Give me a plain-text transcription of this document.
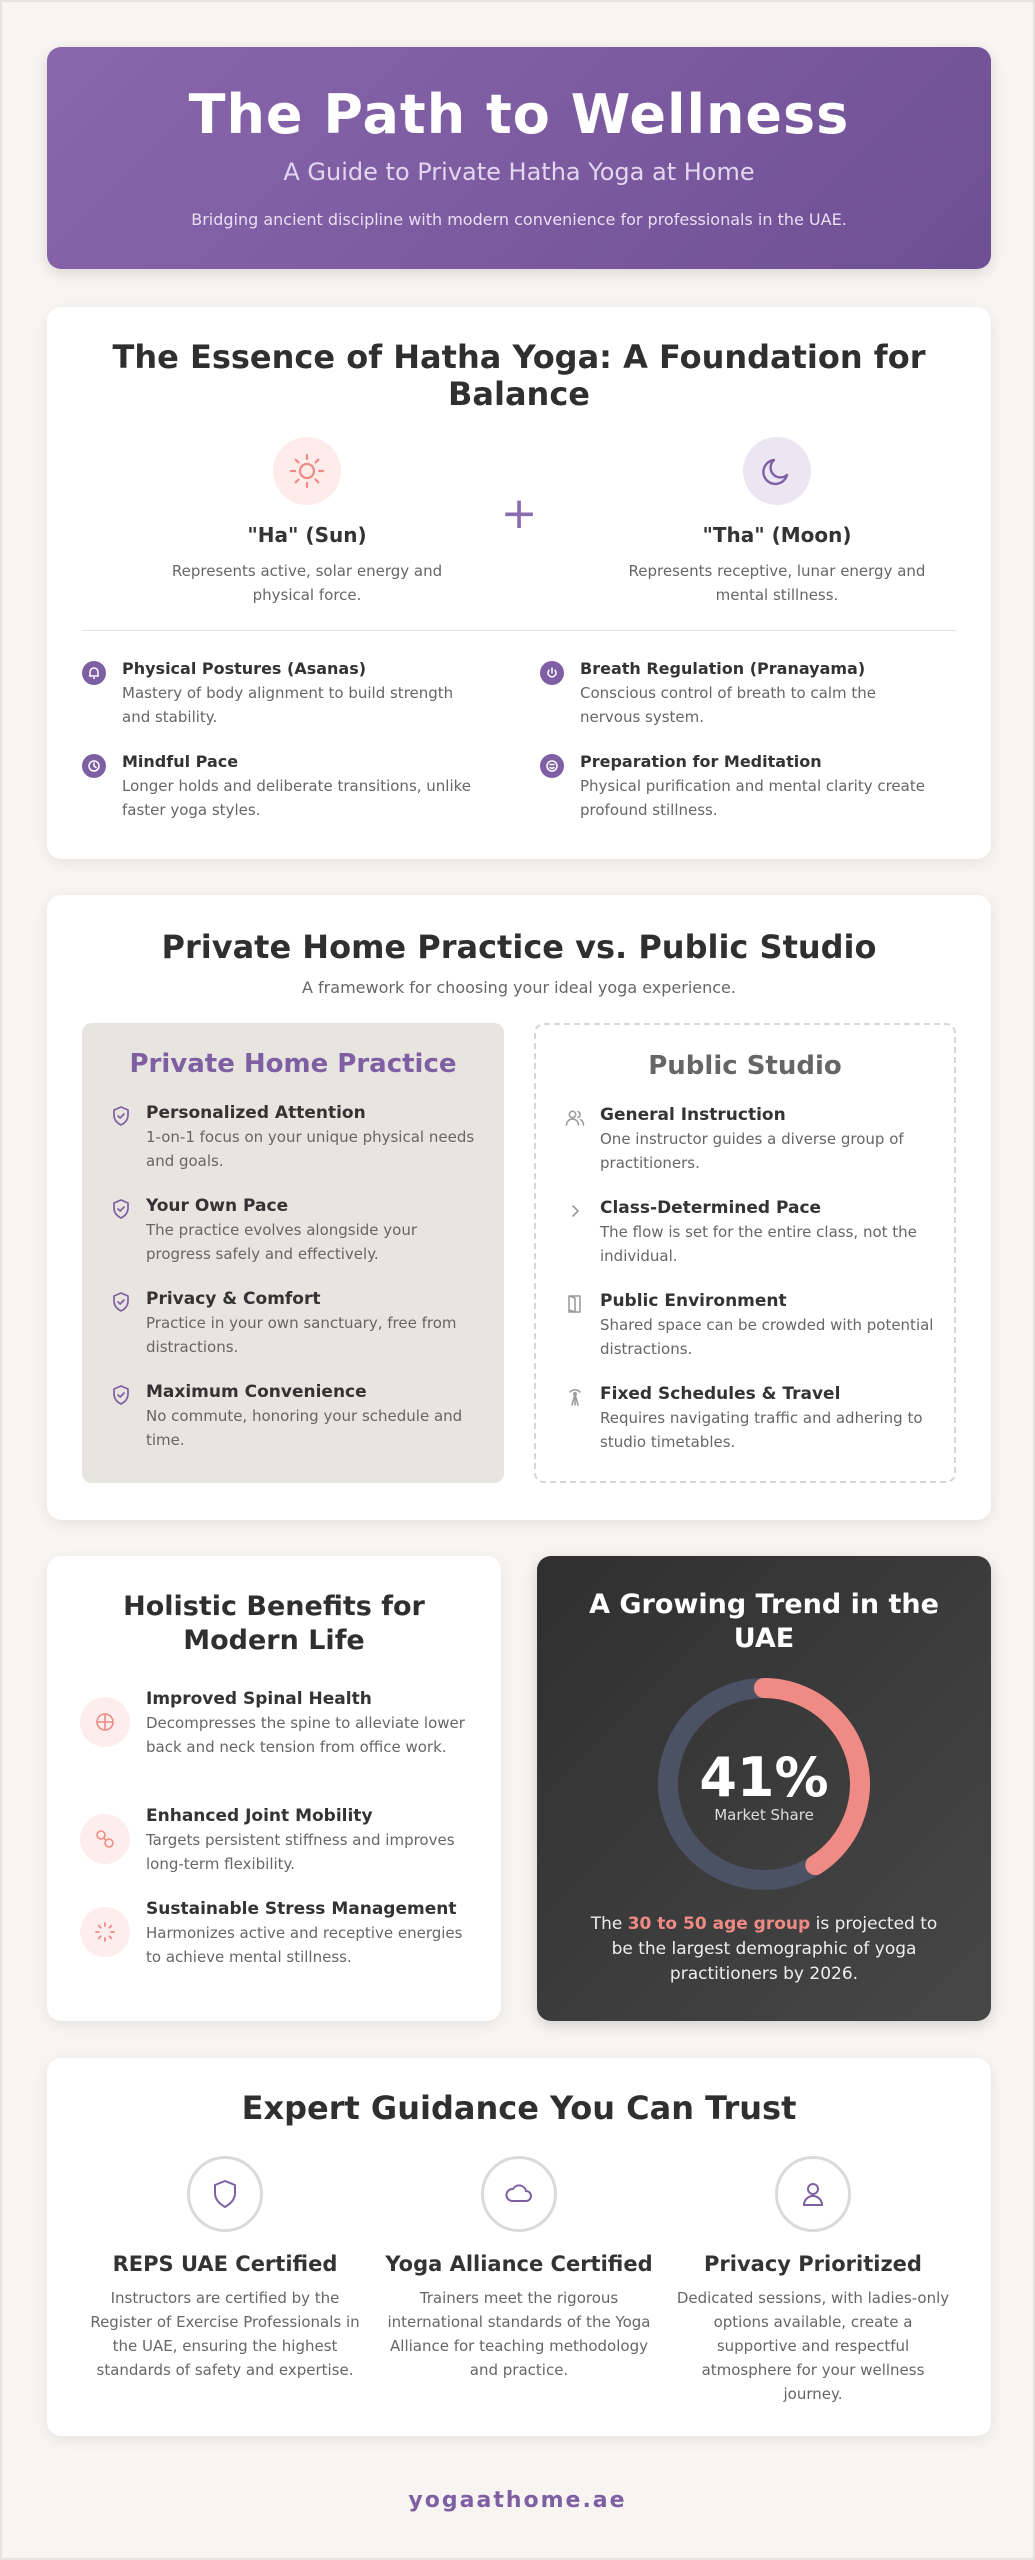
The Path to Wellness
A Guide to Private Hatha Yoga at Home
Bridging ancient discipline with modern convenience for professionals in the UAE.
The Essence of Hatha Yoga: A Foundation for Balance
"Ha" (Sun)
Represents active, solar energy and physical force.
+	"Tha" (Moon)
Represents receptive, lunar energy and mental stillness.
Physical Postures (Asanas)
Mastery of body alignment to build strength and stability.
Breath Regulation (Pranayama)
Conscious control of breath to calm the nervous system.
Mindful Pace
Longer holds and deliberate transitions, unlike faster yoga styles.
Preparation for Meditation
Physical purification and mental clarity create profound stillness.
Private Home Practice vs. Public Studio
A framework for choosing your ideal yoga experience.
Private Home Practice
Personalized Attention
1-on-1 focus on your unique physical needs and goals.
Your Own Pace
The practice evolves alongside your progress safely and effectively.
Privacy & Comfort
Practice in your own sanctuary, free from distractions.
Maximum Convenience
No commute, honoring your schedule and time.
Public Studio
General Instruction
One instructor guides a diverse group of practitioners.
Class-Determined Pace
The flow is set for the entire class, not the individual.
Public Environment
Shared space can be crowded with potential distractions.
Fixed Schedules & Travel
Requires navigating traffic and adhering to studio timetables.
Holistic Benefits for Modern Life
Improved Spinal Health
Decompresses the spine to alleviate lower back and neck tension from office work.
Enhanced Joint Mobility
Targets persistent stiffness and improves long-term flexibility.
Sustainable Stress Management
Harmonizes active and receptive energies to achieve mental stillness.
A Growing Trend in the UAE
41%
Market Share
The 30 to 50 age group is projected to be the largest demographic of yoga practitioners by 2026.
Expert Guidance You Can Trust
REPS UAE Certified
Instructors are certified by the Register of Exercise Professionals in the UAE, ensuring the highest standards of safety and expertise.
Yoga Alliance Certified
Trainers meet the rigorous international standards of the Yoga Alliance for teaching methodology and practice.
Privacy Prioritized
Dedicated sessions, with ladies-only options available, create a supportive and respectful atmosphere for your wellness journey.
yogaathome.ae
